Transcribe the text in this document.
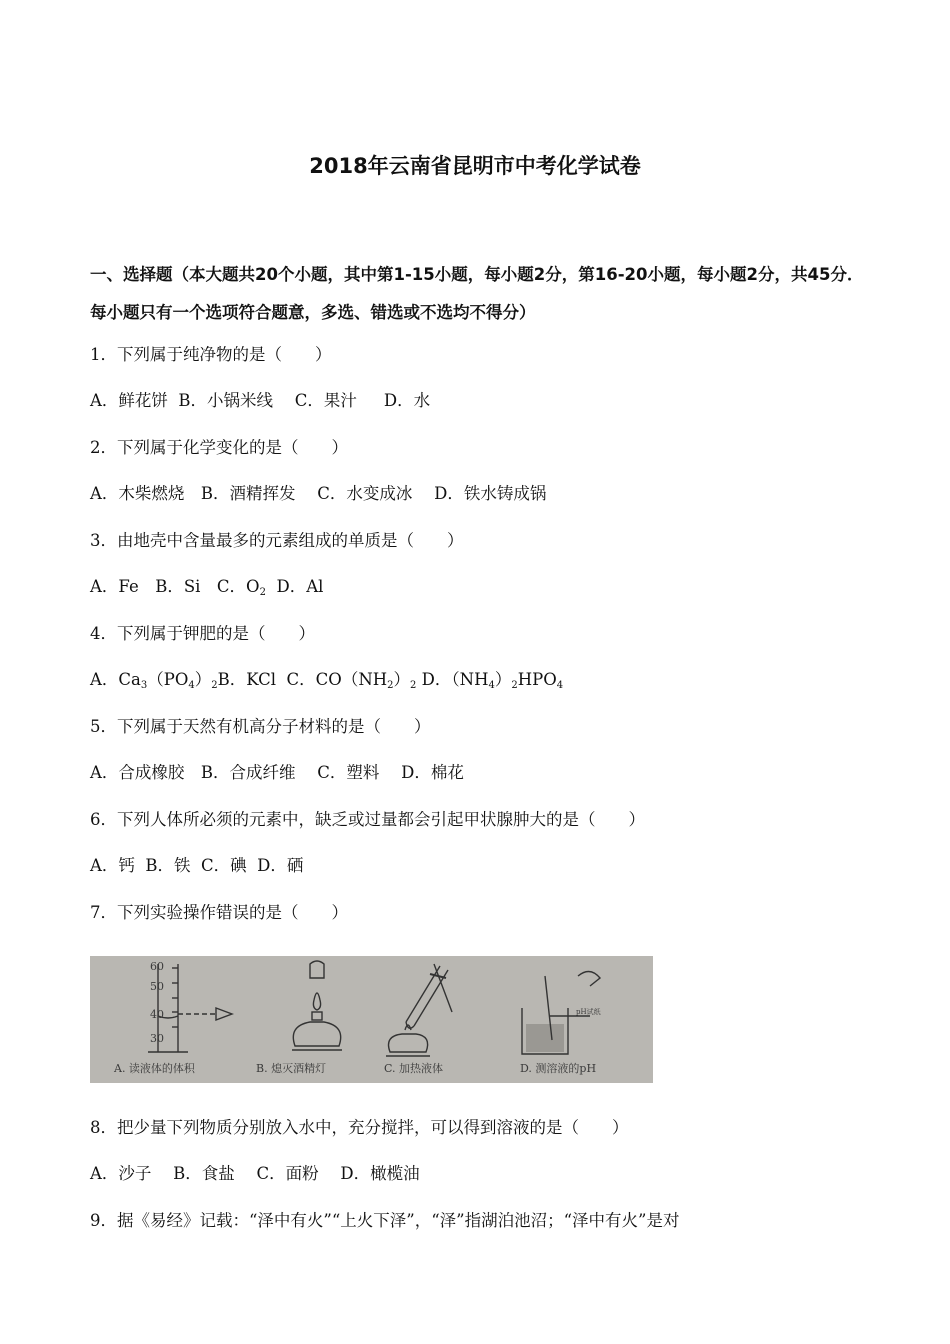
2018年云南省昆明市中考化学试卷
一、选择题（本大题共20个小题，其中第1-15小题，每小题2分，第16-20小题，每小题2分，共45分．每小题只有一个选项符合题意，多选、错选或不选均不得分）
1．下列属于纯净物的是（　　）
A．鲜花饼  B．小锅米线　 C．果汁　  D．水
2．下列属于化学变化的是（　　）
A．木柴燃烧　B．酒精挥发　 C．水变成冰　 D．铁水铸成锅
3．由地壳中含量最多的元素组成的单质是（　　）
A．Fe　B．Si　C．$O_2$  D．Al
4．下列属于钾肥的是（　　）
A．$Ca_3(PO_4)_2B$．KCl  C．$CO(NH_2)_2$ D．$(NH_4)_2HPO_4$
5．下列属于天然有机高分子材料的是（　　）
A．合成橡胶　B．合成纤维　 C．塑料　 D．棉花
6．下列人体所必须的元素中，缺乏或过量都会引起甲状腺肿大的是（　　）
A．钙  B．铁  C．碘  D．硒
7．下列实验操作错误的是（　　）
60
50
40
30
pH试纸
A. 读液体的体积	B. 熄灭酒精灯	C. 加热液体	D. 测溶液的pH
8．把少量下列物质分别放入水中，充分搅拌，可以得到溶液的是（　　）
A．沙子　 B．食盐　 C．面粉　 D．橄榄油
9．据《易经》记载：“泽中有火”“上火下泽”，“泽”指湖泊池沼；“泽中有火”是对
